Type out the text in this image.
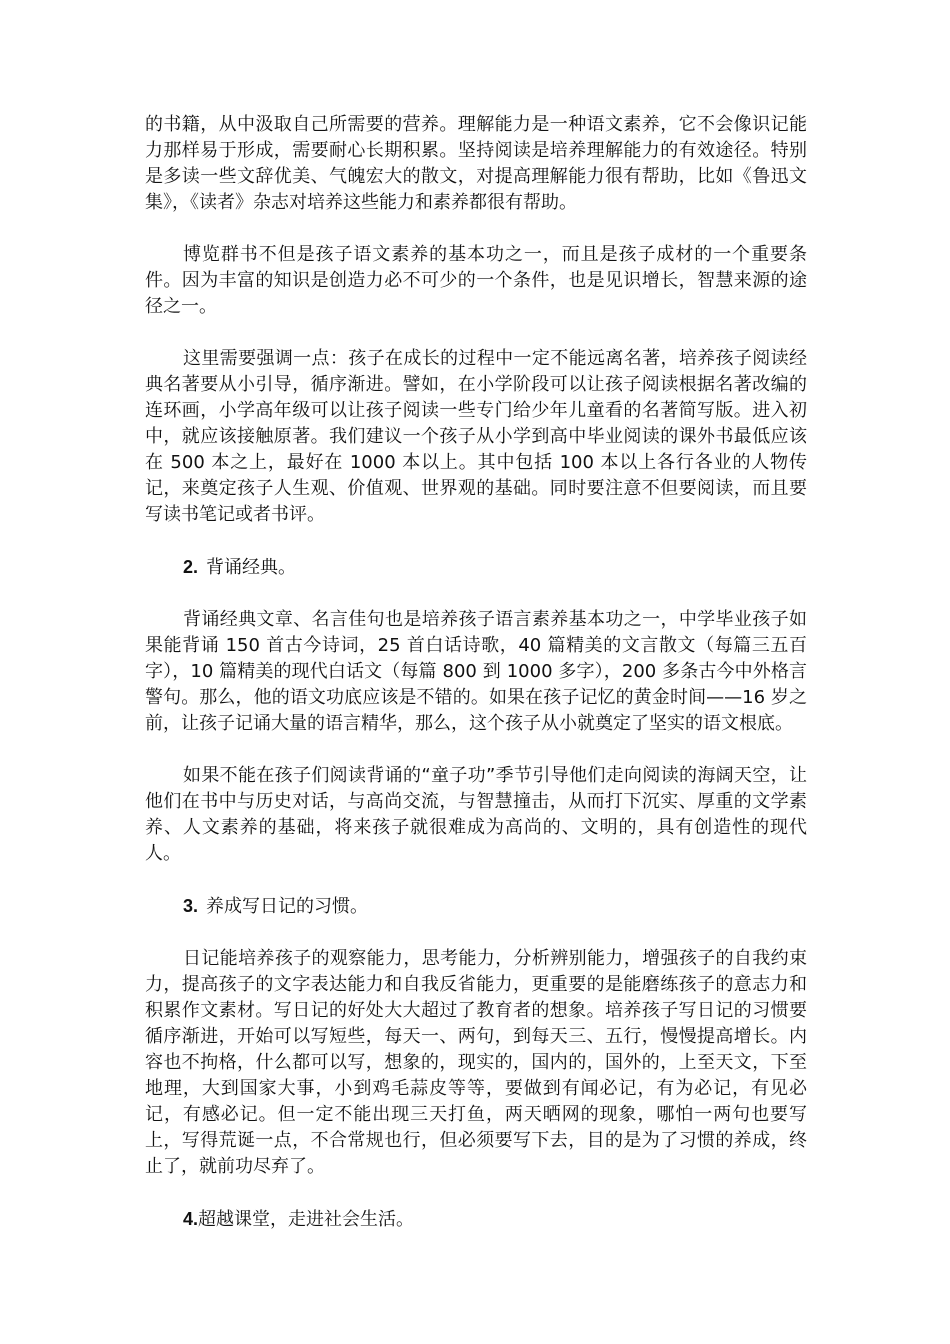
的书籍，从中汲取自己所需要的营养。理解能力是一种语文素养，它不会像识记能力那样易于形成，需要耐心长期积累。坚持阅读是培养理解能力的有效途径。特别是多读一些文辞优美、气魄宏大的散文，对提高理解能力很有帮助，比如《鲁迅文集》，《读者》杂志对培养这些能力和素养都很有帮助。

博览群书不但是孩子语文素养的基本功之一，而且是孩子成材的一个重要条件。因为丰富的知识是创造力必不可少的一个条件，也是见识增长，智慧来源的途径之一。

这里需要强调一点：孩子在成长的过程中一定不能远离名著，培养孩子阅读经典名著要从小引导，循序渐进。譬如，在小学阶段可以让孩子阅读根据名著改编的连环画，小学高年级可以让孩子阅读一些专门给少年儿童看的名著简写版。进入初中，就应该接触原著。我们建议一个孩子从小学到高中毕业阅读的课外书最低应该在 500 本之上，最好在 1000 本以上。其中包括 100 本以上各行各业的人物传记，来奠定孩子人生观、价值观、世界观的基础。同时要注意不但要阅读，而且要写读书笔记或者书评。

2. 背诵经典。

背诵经典文章、名言佳句也是培养孩子语言素养基本功之一，中学毕业孩子如果能背诵 150 首古今诗词，25 首白话诗歌，40 篇精美的文言散文（每篇三五百字），10 篇精美的现代白话文（每篇 800 到 1000 多字），200 多条古今中外格言警句。那么，他的语文功底应该是不错的。如果在孩子记忆的黄金时间——16 岁之前，让孩子记诵大量的语言精华，那么，这个孩子从小就奠定了坚实的语文根底。

如果不能在孩子们阅读背诵的“童子功”季节引导他们走向阅读的海阔天空，让他们在书中与历史对话，与高尚交流，与智慧撞击，从而打下沉实、厚重的文学素养、人文素养的基础，将来孩子就很难成为高尚的、文明的，具有创造性的现代人。

3. 养成写日记的习惯。

日记能培养孩子的观察能力，思考能力，分析辨别能力，增强孩子的自我约束力，提高孩子的文字表达能力和自我反省能力，更重要的是能磨练孩子的意志力和积累作文素材。写日记的好处大大超过了教育者的想象。培养孩子写日记的习惯要循序渐进，开始可以写短些，每天一、两句，到每天三、五行，慢慢提高增长。内容也不拘格，什么都可以写，想象的，现实的，国内的，国外的，上至天文，下至地理，大到国家大事，小到鸡毛蒜皮等等，要做到有闻必记，有为必记，有见必记，有感必记。但一定不能出现三天打鱼，两天晒网的现象，哪怕一两句也要写上，写得荒诞一点，不合常规也行，但必须要写下去，目的是为了习惯的养成，终止了，就前功尽弃了。

4.超越课堂，走进社会生活。
